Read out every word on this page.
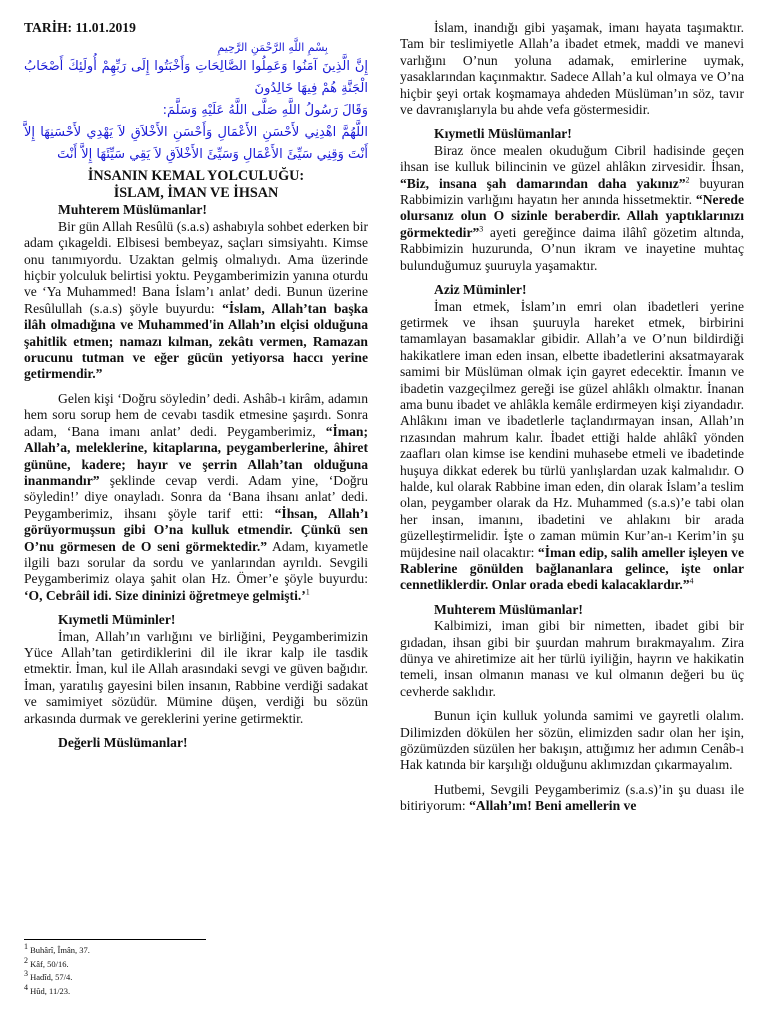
TARİH: 11.01.2019
بِسْمِ اللَّهِ الرَّحْمَنِ الرَّحِيمِ
إِنَّ الَّذِينَ آمَنُوا وَعَمِلُوا الصَّالِحَاتِ وَأَخْبَتُوا إِلَى رَبِّهِمْ أُولَئِكَ أَصْحَابُ الْجَنَّةِ هُمْ فِيهَا خَالِدُونَ
وَقَالَ رَسُولُ اللَّهِ صَلَّى اللَّهُ عَلَيْهِ وَسَلَّمَ:
اللَّهُمَّ اهْدِنِي لأَحْسَنِ الأَعْمَالِ وَأَحْسَنِ الأَخْلاَقِ لاَ يَهْدِي لأَحْسَنِهَا إِلاَّ أَنْتَ وَقِنِي سَيِّئَ الأَعْمَالِ وَسَيِّئَ الأَخْلاَقِ لاَ يَقِي سَيِّئَهَا إِلاَّ أَنْتَ
İNSANIN KEMAL YOLCULUĞU:
İSLAM, İMAN VE İHSAN

Muhterem Müslümanlar!

Bir gün Allah Resûlü (s.a.s) ashabıyla sohbet ederken bir adam çıkageldi. Elbisesi bembeyaz, saçları simsiyahtı. Kimse onu tanımıyordu. Uzaktan gelmiş olmalıydı. Ama üzerinde hiçbir yolculuk belirtisi yoktu. Peygamberimizin yanına oturdu ve ‘Ya Muhammed! Bana İslam’ı anlat’ dedi. Bunun üzerine Resûlullah (s.a.s) şöyle buyurdu: “İslam, Allah’tan başka ilâh olmadığına ve Muhammed'in Allah’ın elçisi olduğuna şahitlik etmen; namazı kılman, zekâtı vermen, Ramazan orucunu tutman ve eğer gücün yetiyorsa haccı yerine getirmendir.”

Gelen kişi ‘Doğru söyledin’ dedi. Ashâb-ı kirâm, adamın hem soru sorup hem de cevabı tasdik etmesine şaşırdı. Sonra adam, ‘Bana imanı anlat’ dedi. Peygamberimiz, “İman; Allah’a, meleklerine, kitaplarına, peygamberlerine, âhiret gününe, kadere; hayır ve şerrin Allah’tan olduğuna inanmandır” şeklinde cevap verdi. Adam yine, ‘Doğru söyledin!’ diye onayladı. Sonra da ‘Bana ihsanı anlat’ dedi. Peygamberimiz, ihsanı şöyle tarif etti: “İhsan, Allah’ı görüyormuşsun gibi O’na kulluk etmendir. Çünkü sen O’nu görmesen de O seni görmektedir.” Adam, kıyametle ilgili bazı sorular da sordu ve yanlarından ayrıldı. Sevgili Peygamberimiz olaya şahit olan Hz. Ömer’e şöyle buyurdu: ‘O, Cebrâil idi. Size dininizi öğretmeye gelmişti.’$^1$

Kıymetli Müminler!

İman, Allah’ın varlığını ve birliğini, Peygamberimizin Yüce Allah’tan getirdiklerini dil ile ikrar kalp ile tasdik etmektir. İman, kul ile Allah arasındaki sevgi ve güven bağıdır. İman, yaratılış gayesini bilen insanın, Rabbine verdiği sadakat ve samimiyet sözüdür. Mümine düşen, verdiği bu sözün arkasında durmak ve gereklerini yerine getirmektir.

Değerli Müslümanlar!

İslam, inandığı gibi yaşamak, imanı hayata taşımaktır. Tam bir teslimiyetle Allah’a ibadet etmek, maddi ve manevi varlığını O’nun yoluna adamak, emirlerine uymak, yasaklarından kaçınmaktır. Sadece Allah’a kul olmaya ve O’na hiçbir şeyi ortak koşmamaya ahdeden Müslüman’ın söz, tavır ve davranışlarıyla bu ahde vefa göstermesidir.

Kıymetli Müslümanlar!

Biraz önce mealen okuduğum Cibril hadisinde geçen ihsan ise kulluk bilincinin ve güzel ahlâkın zirvesidir. İhsan, “Biz, insana şah damarından daha yakınız”$^2$ buyuran Rabbimizin varlığını hayatın her anında hissetmektir. “Nerede olursanız olun O sizinle beraberdir. Allah yaptıklarınızı görmektedir”$^3$ ayeti gereğince daima ilâhî gözetim altında, Rabbimizin huzurunda, O’nun ikram ve inayetine muhtaç bulunduğumuz şuuruyla yaşamaktır.

Aziz Müminler!

İman etmek, İslam’ın emri olan ibadetleri yerine getirmek ve ihsan şuuruyla hareket etmek, birbirini tamamlayan basamaklar gibidir. Allah’a ve O’nun bildirdiği hakikatlere iman eden insan, elbette ibadetlerini aksatmayarak samimi bir Müslüman olmak için gayret edecektir. İmanın ve ibadetin vazgeçilmez gereği ise güzel ahlâklı olmaktır. İnanan ama bunu ibadet ve ahlâkla kemâle erdirmeyen kişi ziyandadır. Ahlâkını iman ve ibadetlerle taçlandırmayan insan, Allah’ın rızasından mahrum kalır. İbadet ettiği halde ahlâkî yönden zaafları olan kimse ise kendini muhasebe etmeli ve ibadetinde huşuya dikkat ederek bu türlü yanlışlardan uzak kalmalıdır. O halde, kul olarak Rabbine iman eden, din olarak İslam’a teslim olan, peygamber olarak da Hz. Muhammed (s.a.s)’e tabi olan her insan, imanını, ibadetini ve ahlakını bir arada güzelleştirmelidir. İşte o zaman mümin Kur’an-ı Kerim’in şu müjdesine nail olacaktır: “İman edip, salih ameller işleyen ve Rablerine gönülden bağlananlara gelince, işte onlar cennetliklerdir. Onlar orada ebedi kalacaklardır.”$^4$

Muhterem Müslümanlar!

Kalbimizi, iman gibi bir nimetten, ibadet gibi bir gıdadan, ihsan gibi bir şuurdan mahrum bırakmayalım. Zira dünya ve ahiretimize ait her türlü iyiliğin, hayrın ve hakikatin temeli, insan olmanın manası ve kul olmanın değeri bu üç cevherde saklıdır.

Bunun için kulluk yolunda samimi ve gayretli olalım. Dilimizden dökülen her sözün, elimizden sadır olan her işin, gözümüzden süzülen her bakışın, attığımız her adımın Cenâb-ı Hak katında bir karşılığı olduğunu aklımızdan çıkarmayalım.

Hutbemi, Sevgili Peygamberimiz (s.a.s)’in şu duası ile bitiriyorum: “Allah’ım! Beni amellerin ve

$^1$ Buhârî, Îmân, 37.
$^2$ Kâf, 50/16.
$^3$ Hadîd, 57/4.
$^4$ Hûd, 11/23.
